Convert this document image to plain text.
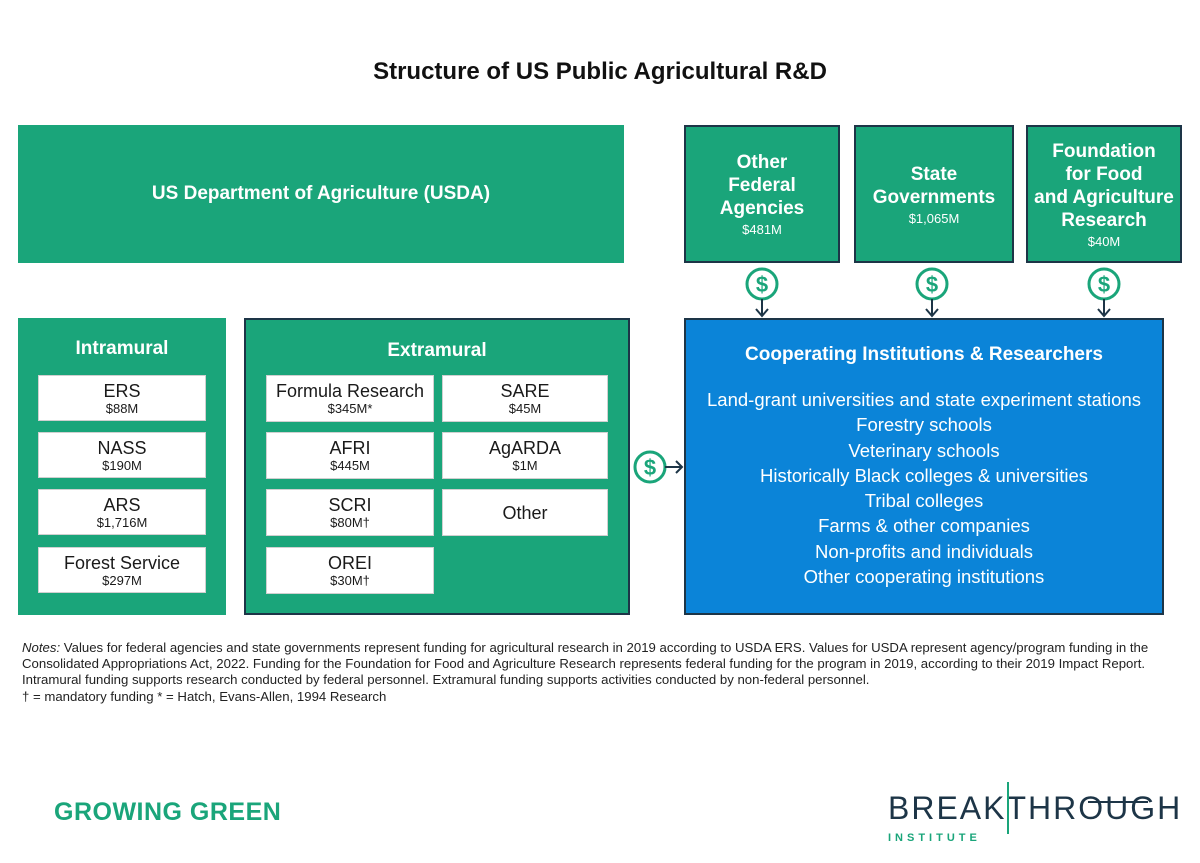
Structure of US Public Agricultural R&D
US Department of Agriculture (USDA)
Other
Federal
Agencies
$481M
State
Governments
$1,065M
Foundation
for Food
and Agriculture
Research
$40M
$	$	$
Intramural
ERS
$88M
NASS
$190M
ARS
$1,716M
Forest Service
$297M
Extramural
Formula Research
$345M*
AFRI
$445M
SCRI
$80M†
OREI
$30M†
SARE
$45M
AgARDA
$1M
Other
$
Cooperating Institutions & Researchers
Land-grant universities and state experiment stations
Forestry schools
Veterinary schools
Historically Black colleges & universities
Tribal colleges
Farms & other companies
Non-profits and individuals
Other cooperating institutions
Notes: Values for federal agencies and state governments represent funding for agricultural research in 2019 according to USDA ERS. Values for USDA represent agency/program funding in the Consolidated Appropriations Act, 2022. Funding for the Foundation for Food and Agriculture Research represents federal funding for the program in 2019, according to their 2019 Impact Report. Intramural funding supports research conducted by federal personnel. Extramural funding supports activities conducted by non-federal personnel.
† = mandatory funding * = Hatch, Evans-Allen, 1994 Research
GROWING GREEN	BREAKTHROUGH
INSTITUTE
